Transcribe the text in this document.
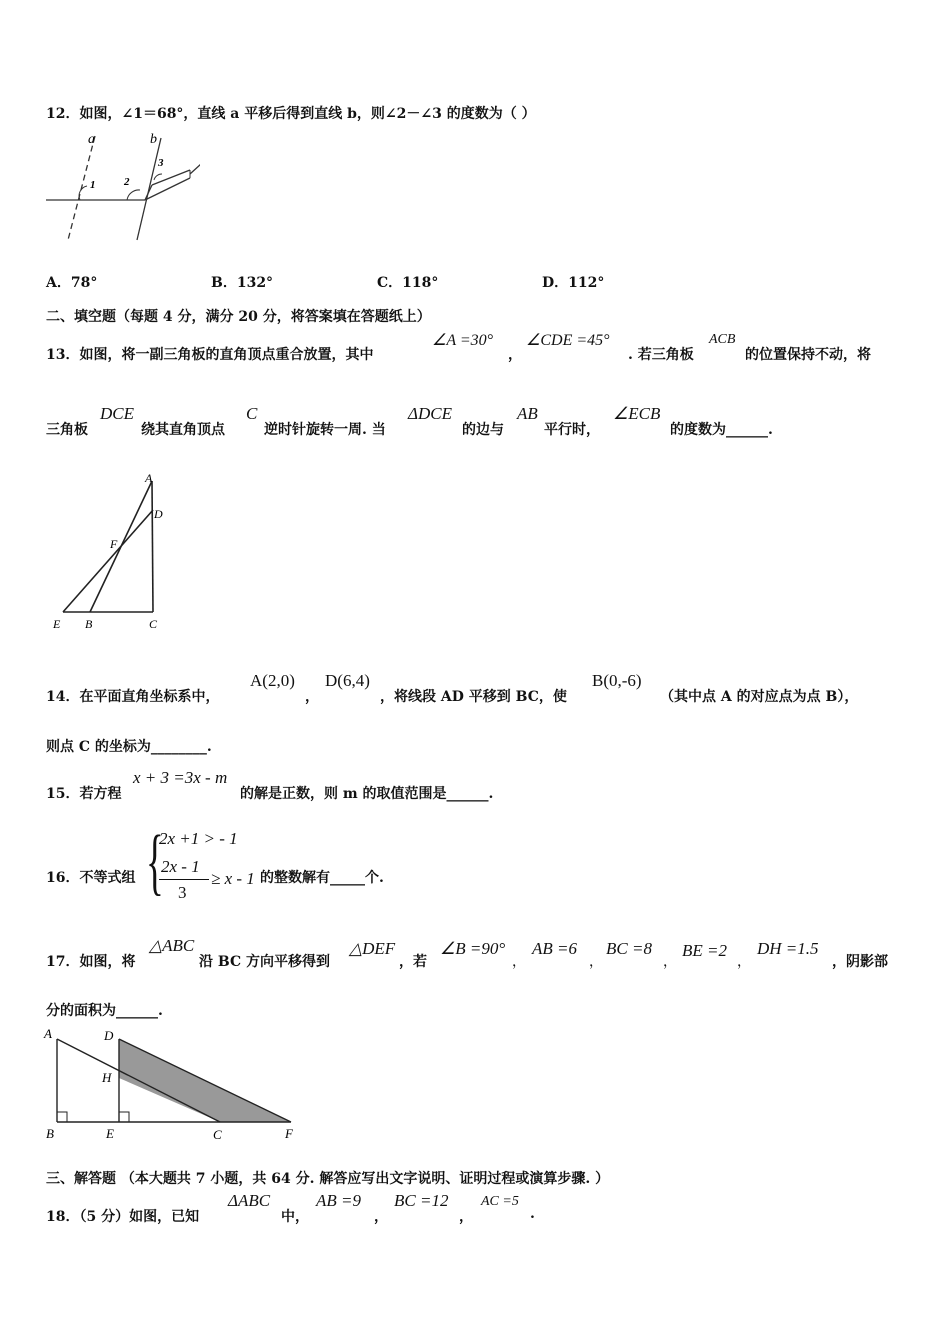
12．如图，∠1＝68°，直线 a 平移后得到直线 b，则∠2－∠3 的度数为（ ）
a	b
1	2
3
A．78°	B．132°	C．118°	D．112°
二、填空题（每题 4 分，满分 20 分，将答案填在答题纸上）
13．如图，将一副三角板的直角顶点重合放置，其中
∠A =30°
，
∠CDE =45°
. 若三角板
ACB
的位置保持不动，将
三角板
DCE
绕其直角顶点
C
逆时针旋转一周. 当
ΔDCE
的边与
AB
平行时，
∠ECB
的度数为______.
A
D
F
E B	C
14．在平面直角坐标系中，
A(2,0)
，
D(6,4)
，将线段 AD 平移到 BC，使
B(0,-6)
（其中点 A 的对应点为点 B），
则点 C 的坐标为________.
15．若方程
x + 3 =3x - m
的解是正数，则 m 的取值范围是______.
16．不等式组 {
2x +1 > - 1
2x - 1
3
≥ x - 1 的整数解有_____个.
17．如图，将
△ABC
沿 BC 方向平移得到
△DEF
，若
∠B =90°
，
AB =6
，
BC =8
，
BE =2
，
DH =1.5
，阴影部
分的面积为______.
A	D
H
B	E	C	F
三、解答题 （本大题共 7 小题，共 64 分. 解答应写出文字说明、证明过程或演算步骤. ）
18．（5 分）如图，已知
ΔABC
中，
AB =9
，
BC =12
，
AC =5
.
